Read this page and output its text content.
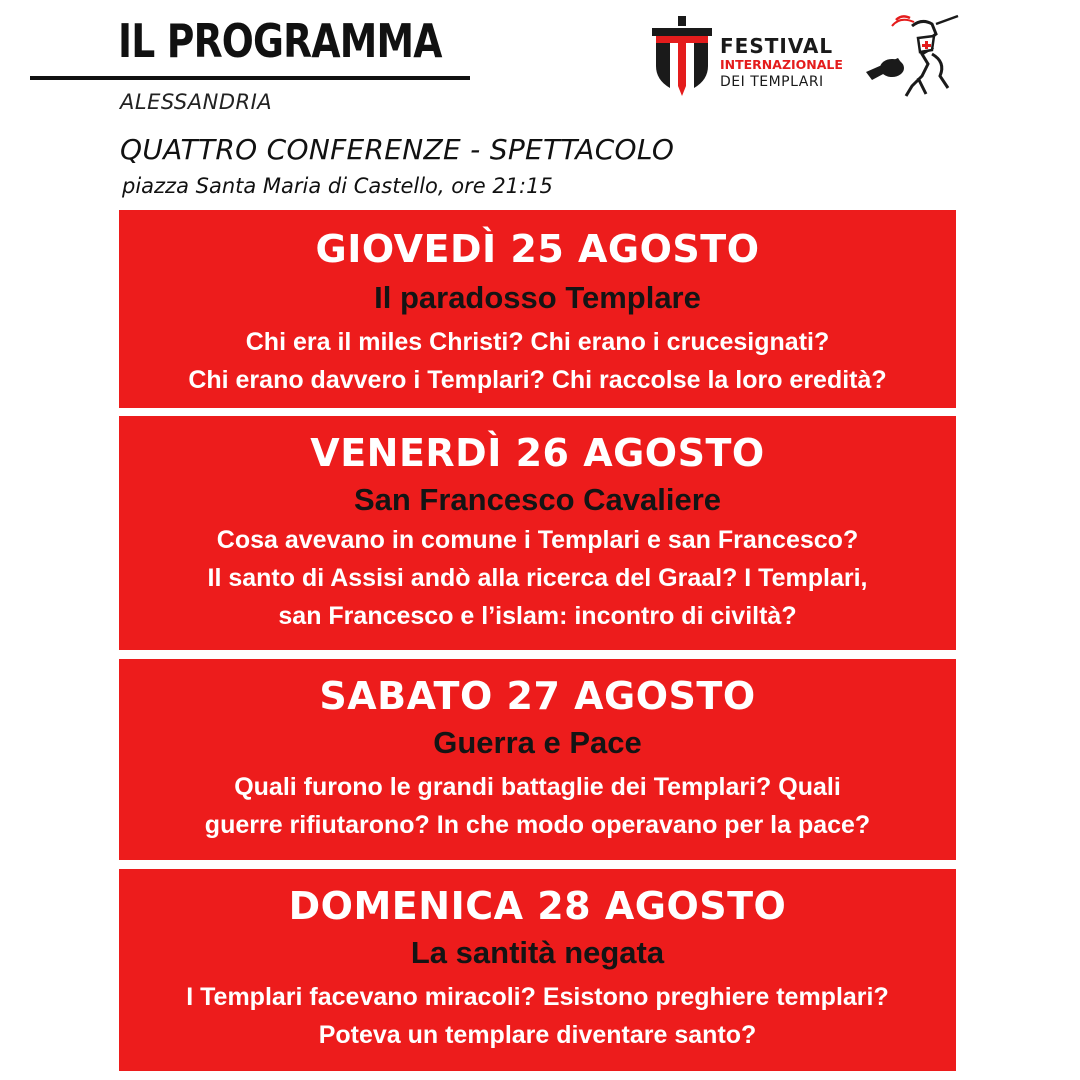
IL PROGRAMMA
ALESSANDRIA
QUATTRO CONFERENZE - SPETTACOLO
piazza Santa Maria di Castello, ore 21:15
FESTIVAL
INTERNAZIONALE
DEI TEMPLARI
GIOVEDÌ 25 AGOSTO
Il paradosso Templare
Chi era il miles Christi? Chi erano i crucesignati?
Chi erano davvero i Templari? Chi raccolse la loro eredità?
VENERDÌ 26 AGOSTO
San Francesco Cavaliere
Cosa avevano in comune i Templari e san Francesco?
Il santo di Assisi andò alla ricerca del Graal? I Templari,
san Francesco e l’islam: incontro di civiltà?
SABATO 27 AGOSTO
Guerra e Pace
Quali furono le grandi battaglie dei Templari? Quali
guerre rifiutarono? In che modo operavano per la pace?
DOMENICA 28 AGOSTO
La santità negata
I Templari facevano miracoli? Esistono preghiere templari?
Poteva un templare diventare santo?
